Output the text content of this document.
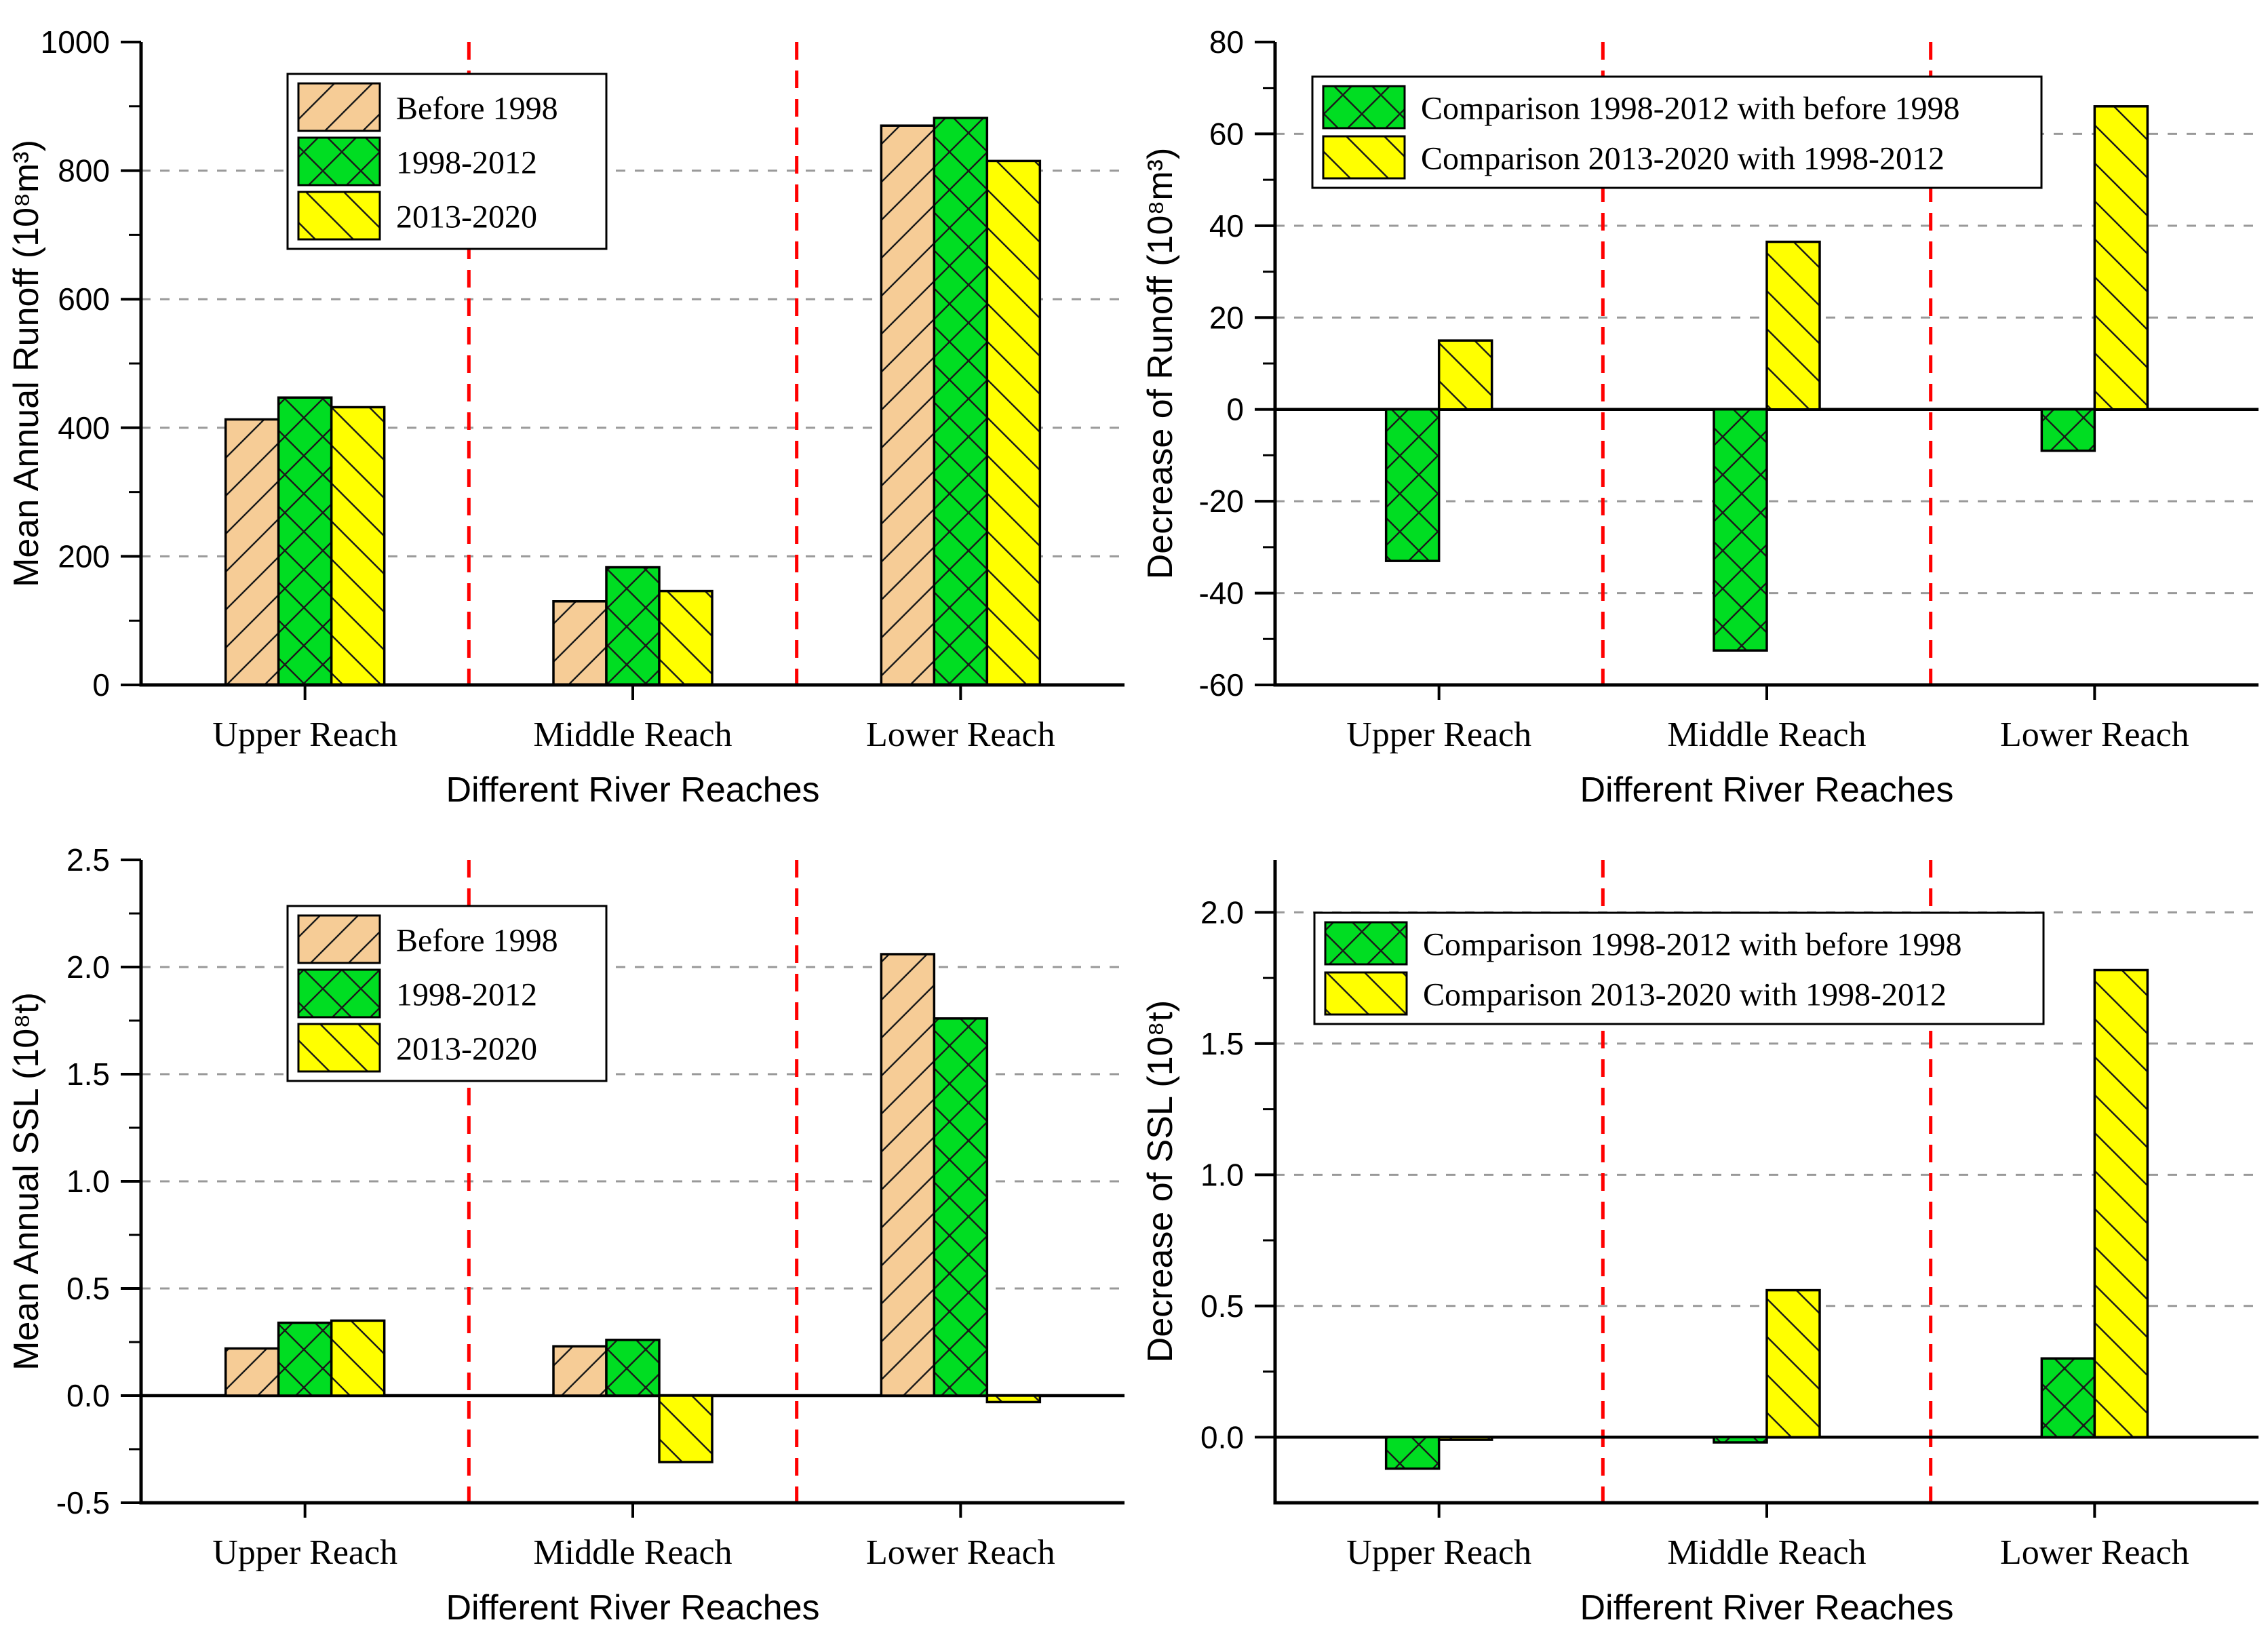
0
200
400
600
800
1000
Upper Reach	Middle Reach	Lower Reach
Different River Reaches
Mean Annual Runoff (10⁸m³)
Before 1998
1998-2012
2013-2020
-60
-40
-20
0
20
40
60
80
Upper Reach	Middle Reach	Lower Reach
Different River Reaches
Decrease of Runoff (10⁸m³)
Comparison 1998-2012 with before 1998
Comparison 2013-2020 with 1998-2012
-0.5
0.0
0.5
1.0
1.5
2.0
2.5
Upper Reach	Middle Reach	Lower Reach
Different River Reaches
Mean Annual SSL (10⁸t)
Before 1998
1998-2012
2013-2020
0.0
0.5
1.0
1.5
2.0
Upper Reach	Middle Reach	Lower Reach
Different River Reaches
Decrease of SSL (10⁸t)
Comparison 1998-2012 with before 1998
Comparison 2013-2020 with 1998-2012
